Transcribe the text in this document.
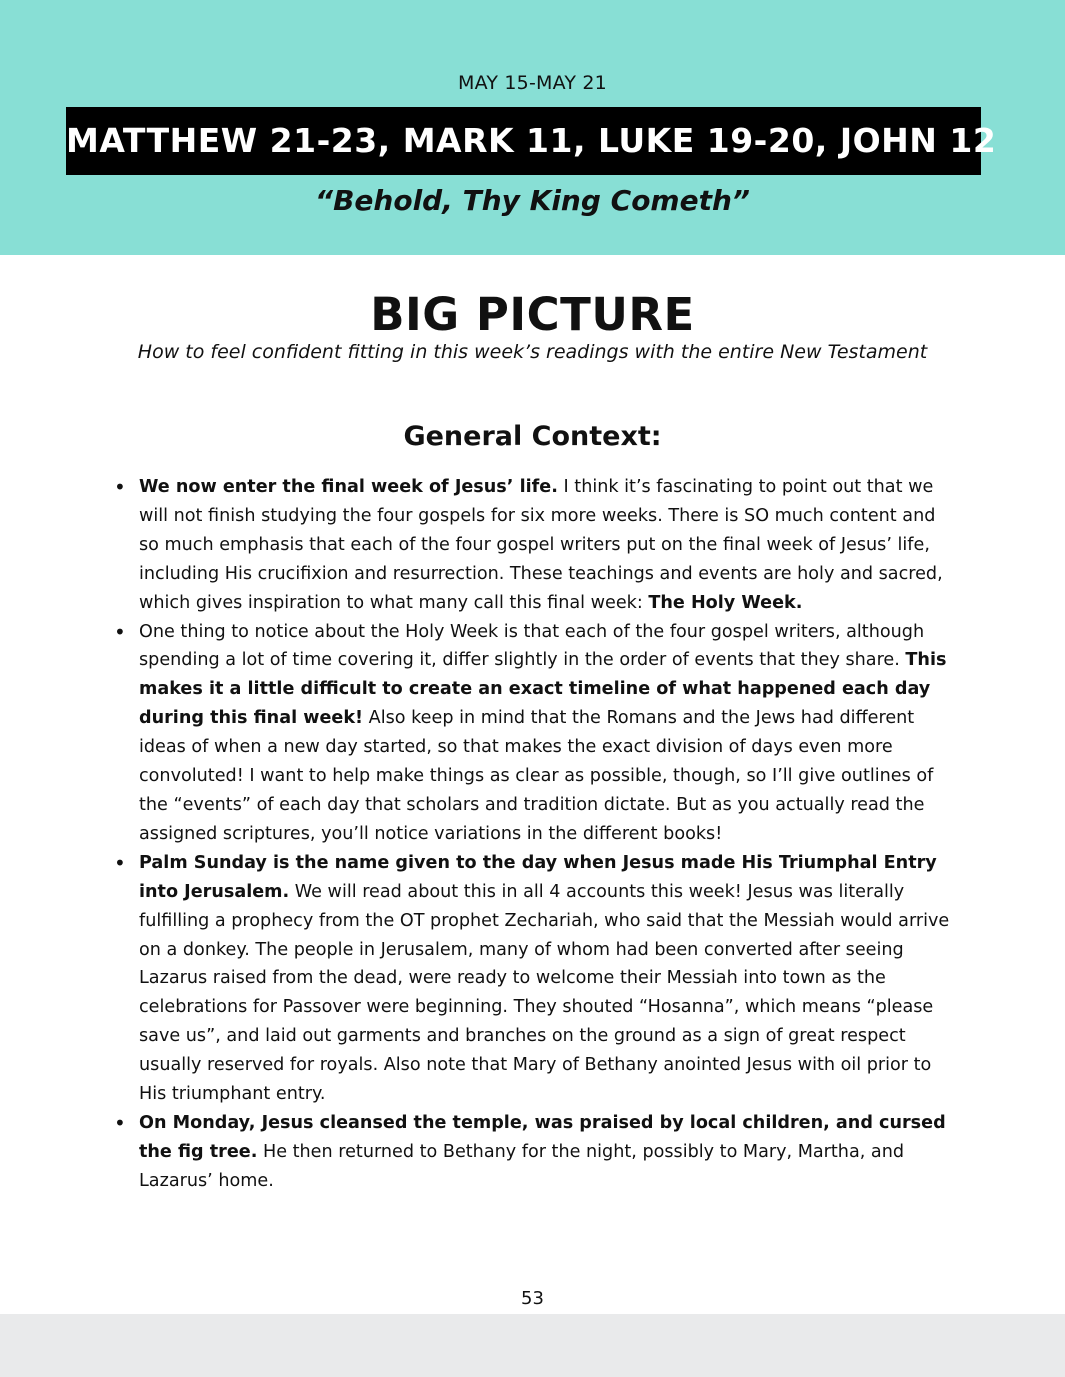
MAY 15-MAY 21
MATTHEW 21-23, MARK 11, LUKE 19-20, JOHN 12
“Behold, Thy King Cometh”
BIG PICTURE
How to feel confident fitting in this week’s readings with the entire New Testament
General Context:
• We now enter the final week of Jesus’ life. I think it’s fascinating to point out that we will not finish studying the four gospels for six more weeks. There is SO much content and so much emphasis that each of the four gospel writers put on the final week of Jesus’ life, including His crucifixion and resurrection. These teachings and events are holy and sacred, which gives inspiration to what many call this final week: The Holy Week.
• One thing to notice about the Holy Week is that each of the four gospel writers, although spending a lot of time covering it, differ slightly in the order of events that they share. This makes it a little difficult to create an exact timeline of what happened each day during this final week! Also keep in mind that the Romans and the Jews had different ideas of when a new day started, so that makes the exact division of days even more convoluted! I want to help make things as clear as possible, though, so I’ll give outlines of the “events” of each day that scholars and tradition dictate. But as you actually read the assigned scriptures, you’ll notice variations in the different books!
• Palm Sunday is the name given to the day when Jesus made His Triumphal Entry into Jerusalem. We will read about this in all 4 accounts this week! Jesus was literally fulfilling a prophecy from the OT prophet Zechariah, who said that the Messiah would arrive on a donkey. The people in Jerusalem, many of whom had been converted after seeing Lazarus raised from the dead, were ready to welcome their Messiah into town as the celebrations for Passover were beginning. They shouted “Hosanna”, which means “please save us”, and laid out garments and branches on the ground as a sign of great respect usually reserved for royals. Also note that Mary of Bethany anointed Jesus with oil prior to His triumphant entry.
• On Monday, Jesus cleansed the temple, was praised by local children, and cursed the fig tree. He then returned to Bethany for the night, possibly to Mary, Martha, and Lazarus’ home.
53
